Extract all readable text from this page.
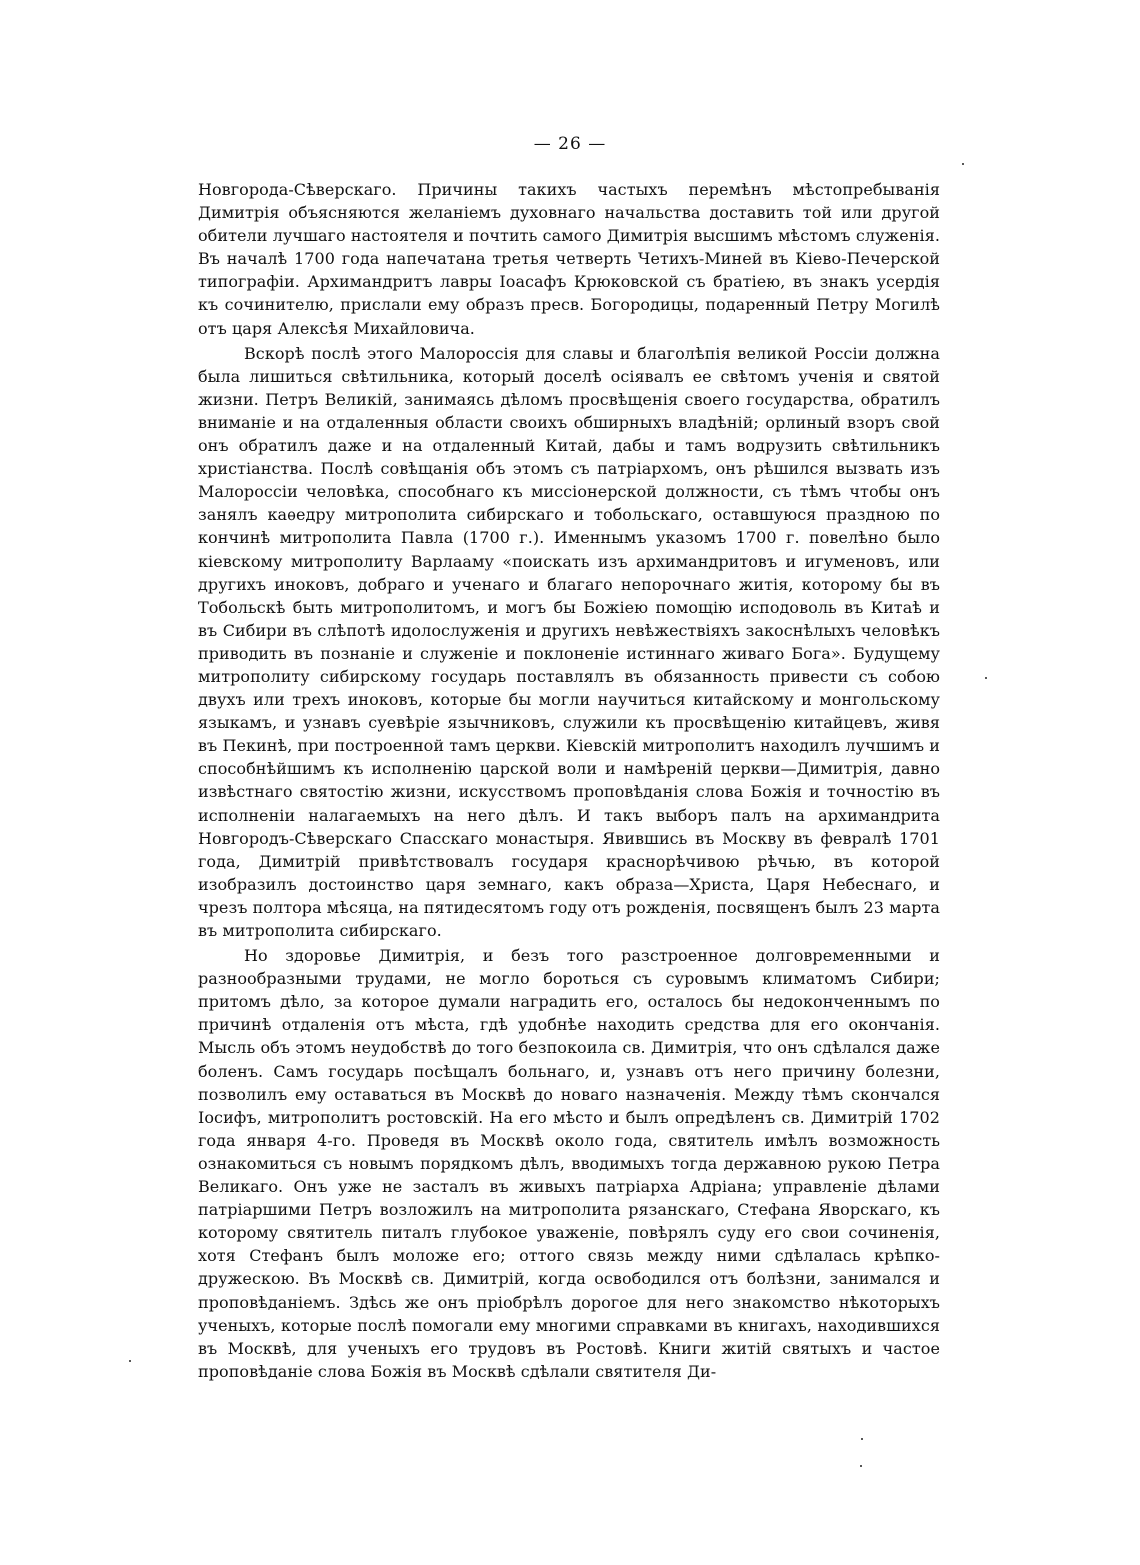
— 26 —

Новгорода-Сѣверскаго. Причины такихъ частыхъ перемѣнъ мѣстопребыванія Димитрія объясняются желаніемъ духовнаго начальства доставить той или другой обители лучшаго настоятеля и почтить самого Димитрія высшимъ мѣстомъ служенія. Въ началѣ 1700 года напечатана третья четверть Четихъ-Миней въ Кіево-Печерской типографіи. Архимандритъ лавры Іоасафъ Крюковской съ братіею, въ знакъ усердія къ сочинителю, прислали ему образъ пресв. Богородицы, подаренный Петру Могилѣ отъ царя Алексѣя Михайловича.

Вскорѣ послѣ этого Малороссія для славы и благолѣпія великой Россіи должна была лишиться свѣтильника, который доселѣ осіявалъ ее свѣтомъ ученія и святой жизни. Петръ Великій, занимаясь дѣломъ просвѣщенія своего государства, обратилъ вниманіе и на отдаленныя области своихъ обширныхъ владѣній; орлиный взоръ свой онъ обратилъ даже и на отдаленный Китай, дабы и тамъ водрузить свѣтильникъ христіанства. Послѣ совѣщанія объ этомъ съ патріархомъ, онъ рѣшился вызвать изъ Малороссіи человѣка, способнаго къ миссіонерской должности, съ тѣмъ чтобы онъ занялъ каѳедру митрополита сибирскаго и тобольскаго, оставшуюся праздною по кончинѣ митрополита Павла (1700 г.). Именнымъ указомъ 1700 г. повелѣно было кіевскому митрополиту Варлааму «поискать изъ архимандритовъ и игуменовъ, или другихъ иноковъ, добраго и ученаго и благаго непорочнаго житія, которому бы въ Тобольскѣ быть митрополитомъ, и могъ бы Божіею помощію исподоволь въ Китаѣ и въ Сибири въ слѣпотѣ идолослуженія и другихъ невѣжествіяхъ закоснѣлыхъ человѣкъ приводить въ познаніе и служеніе и поклоненіе истиннаго живаго Бога». Будущему митрополиту сибирскому государь поставлялъ въ обязанность привести съ собою двухъ или трехъ иноковъ, которые бы могли научиться китайскому и монгольскому языкамъ, и узнавъ суевѣріе язычниковъ, служили къ просвѣщенію китайцевъ, живя въ Пекинѣ, при построенной тамъ церкви. Кіевскій митрополитъ находилъ лучшимъ и способнѣйшимъ къ исполненію царской воли и намѣреній церкви—Димитрія, давно извѣстнаго святостію жизни, искусствомъ проповѣданія слова Божія и точностію въ исполненіи налагаемыхъ на него дѣлъ. И такъ выборъ палъ на архимандрита Новгородъ-Сѣверскаго Спасскаго монастыря. Явившись въ Москву въ февралѣ 1701 года, Димитрій привѣтствовалъ государя краснорѣчивою рѣчью, въ которой изобразилъ достоинство царя земнаго, какъ образа—Христа, Царя Небеснаго, и чрезъ полтора мѣсяца, на пятидесятомъ году отъ рожденія, посвященъ былъ 23 марта въ митрополита сибирскаго.

Но здоровье Димитрія, и безъ того разстроенное долговременными и разнообразными трудами, не могло бороться съ суровымъ климатомъ Сибири; притомъ дѣло, за которое думали наградить его, осталось бы недоконченнымъ по причинѣ отдаленія отъ мѣста, гдѣ удобнѣе находить средства для его окончанія. Мысль объ этомъ неудобствѣ до того безпокоила св. Димитрія, что онъ сдѣлался даже боленъ. Самъ государь посѣщалъ больнаго, и, узнавъ отъ него причину болезни, позволилъ ему оставаться въ Москвѣ до новаго назначенія. Между тѣмъ скончался Іосифъ, митрополитъ ростовскій. На его мѣсто и былъ опредѣленъ св. Димитрій 1702 года января 4-го. Проведя въ Москвѣ около года, святитель имѣлъ возможность ознакомиться съ новымъ порядкомъ дѣлъ, вводимыхъ тогда державною рукою Петра Великаго. Онъ уже не засталъ въ живыхъ патріарха Адріана; управленіе дѣлами патріаршими Петръ возложилъ на митрополита рязанскаго, Стефана Яворскаго, къ которому святитель питалъ глубокое уваженіе, повѣрялъ суду его свои сочиненія, хотя Стефанъ былъ моложе его; оттого связь между ними сдѣлалась крѣпко-дружескою. Въ Москвѣ св. Димитрій, когда освободился отъ болѣзни, занимался и проповѣданіемъ. Здѣсь же онъ пріобрѣлъ дорогое для него знакомство нѣкоторыхъ ученыхъ, которые послѣ помогали ему многими справками въ книгахъ, находившихся въ Москвѣ, для ученыхъ его трудовъ въ Ростовѣ. Книги житій святыхъ и частое проповѣданіе слова Божія въ Москвѣ сдѣлали святителя Ди-
